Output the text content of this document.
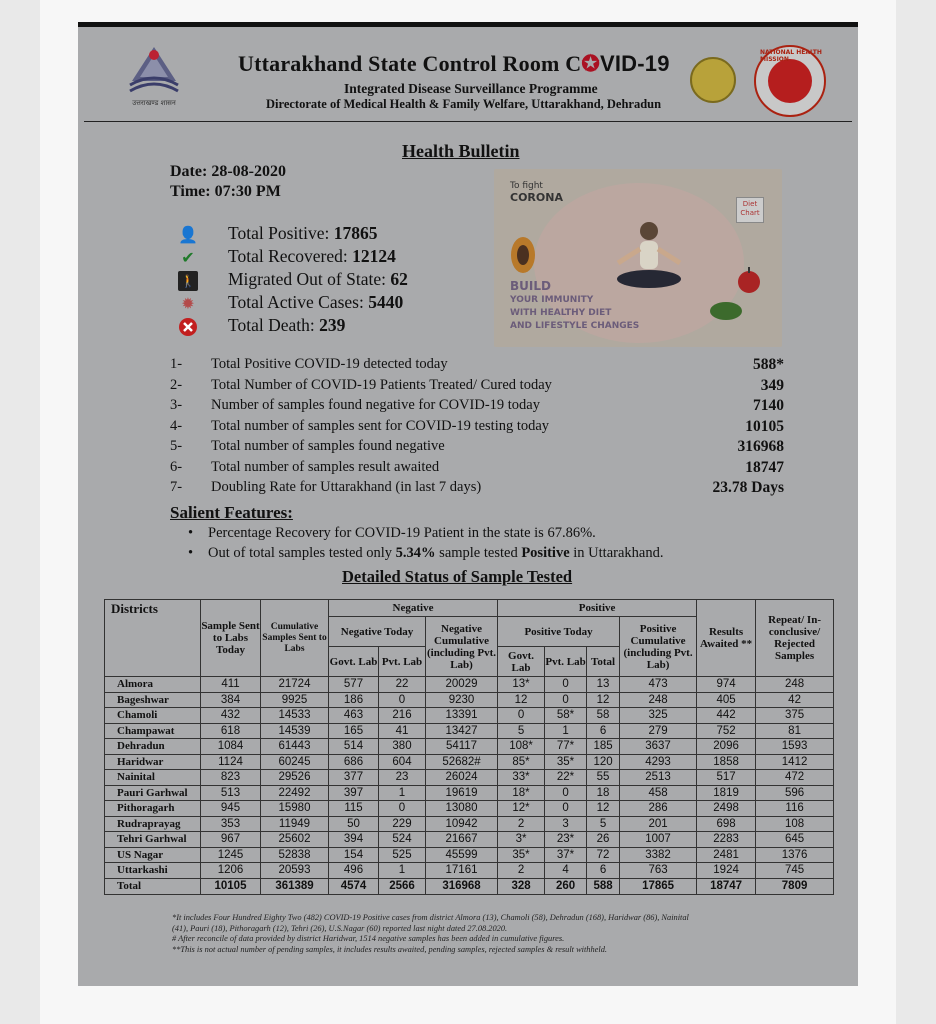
उत्तराखण्ड शासन
Uttarakhand State Control Room C✪VID-19
Integrated Disease Surveillance Programme
Directorate of Medical Health & Family Welfare, Uttarakhand, Dehradun
NATIONAL HEALTH MISSION
Health Bulletin
Date: 28-08-2020
Time: 07:30 PM	To fight
CORONA	Diet Chart
BUILD
YOUR IMMUNITY
WITH HEALTHY DIET
AND LIFESTYLE CHANGES
👤 Total Positive: 17865
✔ Total Recovered: 12124
🚶 Migrated Out of State: 62
✹ Total Active Cases: 5440
Total Death: 239
1- Total Positive COVID-19 detected today	588*
2- Total Number of COVID-19 Patients Treated/ Cured today	349
3- Number of samples found negative for COVID-19 today	7140
4- Total number of samples sent for COVID-19 testing today	10105
5- Total number of samples found negative	316968
6- Total number of samples result awaited	18747
7- Doubling Rate for Uttarakhand (in last 7 days)	23.78 Days
Salient Features:
• Percentage Recovery for COVID-19 Patient in the state is 67.86%.
• Out of total samples tested only 5.34% sample tested Positive in Uttarakhand.
Detailed Status of Sample Tested
Districts	Sample Sent to Labs Today	Cumulative Samples Sent to Labs	Negative			Positive				Results Awaited **	Repeat/ In-conclusive/ Rejected Samples
			Negative Today		Negative Cumulative (including Pvt. Lab)	Positive Today			Positive Cumulative (including Pvt. Lab)		
			Govt. Lab	Pvt. Lab		Govt. Lab	Pvt. Lab	Total			
Almora	411	21724	577	22	20029	13*	0	13	473	974	248
Bageshwar	384	9925	186	0	9230	12	0	12	248	405	42
Chamoli	432	14533	463	216	13391	0	58*	58	325	442	375
Champawat	618	14539	165	41	13427	5	1	6	279	752	81
Dehradun	1084	61443	514	380	54117	108*	77*	185	3637	2096	1593
Haridwar	1124	60245	686	604	52682#	85*	35*	120	4293	1858	1412
Nainital	823	29526	377	23	26024	33*	22*	55	2513	517	472
Pauri Garhwal	513	22492	397	1	19619	18*	0	18	458	1819	596
Pithoragarh	945	15980	115	0	13080	12*	0	12	286	2498	116
Rudraprayag	353	11949	50	229	10942	2	3	5	201	698	108
Tehri Garhwal	967	25602	394	524	21667	3*	23*	26	1007	2283	645
US Nagar	1245	52838	154	525	45599	35*	37*	72	3382	2481	1376
Uttarkashi	1206	20593	496	1	17161	2	4	6	763	1924	745
Total	10105	361389	4574	2566	316968	328	260	588	17865	18747	7809
*It includes Four Hundred Eighty Two (482) COVID-19 Positive cases from district Almora (13), Chamoli (58), Dehradun (168), Haridwar (86), Nainital
(41), Pauri (18), Pithoragarh (12), Tehri (26), U.S.Nagar (60) reported last night dated 27.08.2020.
# After reconcile of data provided by district Haridwar, 1514 negative samples has been added in cumulative figures.
**This is not actual number of pending samples, it includes results awaited, pending samples, rejected samples & result withheld.
